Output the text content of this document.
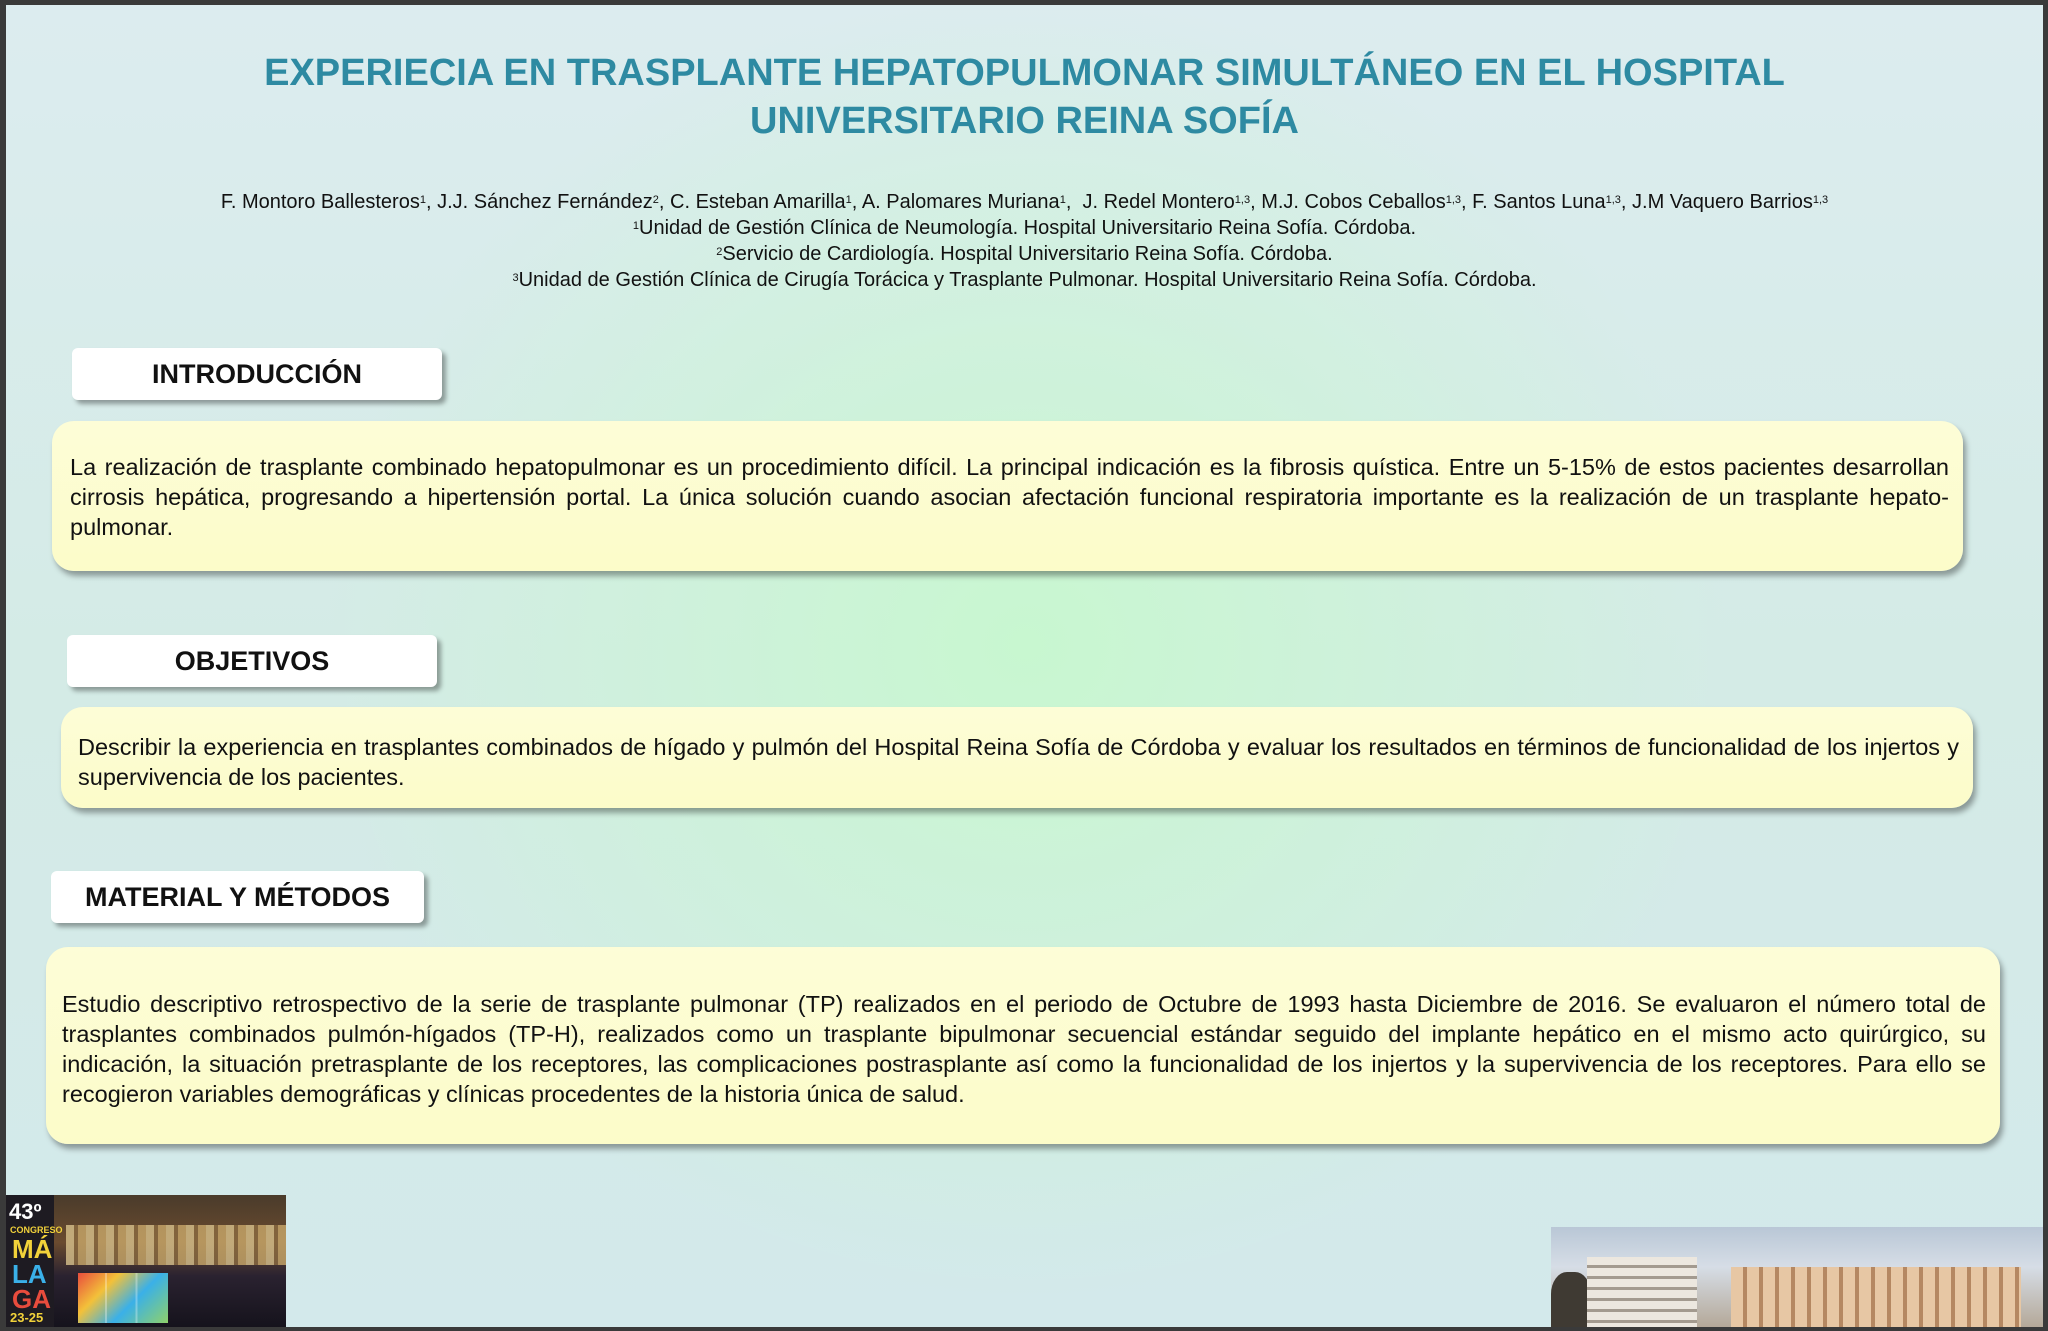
EXPERIECIA EN TRASPLANTE HEPATOPULMONAR SIMULTÁNEO EN EL HOSPITAL
UNIVERSITARIO REINA SOFÍA
F. Montoro Ballesteros$^1$, J.J. Sánchez Fernández$^2$, C. Esteban Amarilla$^1$, A. Palomares Muriana$^1$,  J. Redel Montero$^{1,3}$, M.J. Cobos Ceballos$^{1,3}$, F. Santos Luna$^{1,3}$, J.M Vaquero Barrios$^{1,3}$
$^1$Unidad de Gestión Clínica de Neumología. Hospital Universitario Reina Sofía. Córdoba.
$^2$Servicio de Cardiología. Hospital Universitario Reina Sofía. Córdoba.
$^3$Unidad de Gestión Clínica de Cirugía Torácica y Trasplante Pulmonar. Hospital Universitario Reina Sofía. Córdoba.
INTRODUCCIÓN
La realización de trasplante combinado hepatopulmonar es un procedimiento difícil. La principal indicación es la fibrosis quística. Entre un 5-15% de estos pacientes desarrollan cirrosis hepática, progresando a hipertensión portal. La única solución cuando asocian afectación funcional respiratoria importante es la realización de un trasplante hepato-pulmonar.
OBJETIVOS
Describir la experiencia en trasplantes combinados de hígado y pulmón del Hospital Reina Sofía de Córdoba y evaluar los resultados en términos de funcionalidad de los injertos y supervivencia de los pacientes.
MATERIAL Y MÉTODOS
Estudio descriptivo retrospectivo de la serie de trasplante pulmonar (TP) realizados en el periodo de Octubre de 1993 hasta Diciembre de 2016. Se evaluaron el número total de trasplantes combinados pulmón-hígados (TP-H), realizados como un trasplante bipulmonar secuencial estándar seguido del implante hepático en el mismo acto quirúrgico, su indicación, la situación pretrasplante de los receptores, las complicaciones postrasplante así como la funcionalidad de los injertos y la supervivencia de los receptores. Para ello se recogieron variables demográficas y clínicas procedentes de la historia única de salud.
43º
CONGRESO
MÁ
LA
GA
23-25
